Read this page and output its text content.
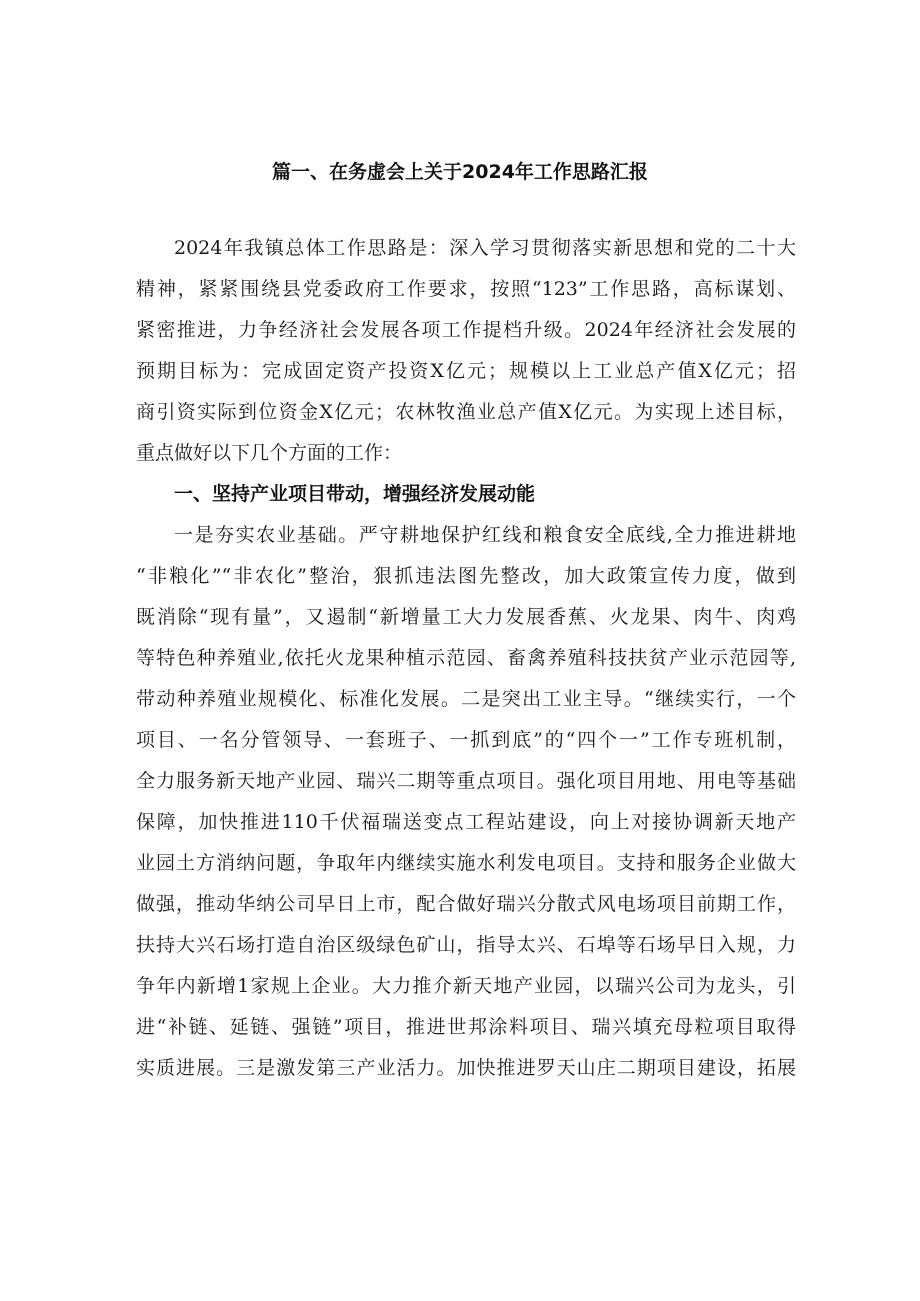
篇一、在务虚会上关于2024年工作思路汇报
2024年我镇总体工作思路是：深入学习贯彻落实新思想和党的二十大
精神，紧紧围绕县党委政府工作要求，按照“123”工作思路，高标谋划、
紧密推进，力争经济社会发展各项工作提档升级。2024年经济社会发展的
预期目标为：完成固定资产投资X亿元；规模以上工业总产值X亿元；招
商引资实际到位资金X亿元；农林牧渔业总产值X亿元。为实现上述目标，
重点做好以下几个方面的工作：
一、坚持产业项目带动，增强经济发展动能
一是夯实农业基础。严守耕地保护红线和粮食安全底线,全力推进耕地
“非粮化”“非农化”整治，狠抓违法图先整改，加大政策宣传力度，做到
既消除“现有量”，又遏制“新增量工大力发展香蕉、火龙果、肉牛、肉鸡
等特色种养殖业,依托火龙果种植示范园、畜禽养殖科技扶贫产业示范园等,
带动种养殖业规模化、标准化发展。二是突出工业主导。“继续实行，一个
项目、一名分管领导、一套班子、一抓到底”的“四个一”工作专班机制，
全力服务新天地产业园、瑞兴二期等重点项目。强化项目用地、用电等基础
保障，加快推进110千伏福瑞送变点工程站建设，向上对接协调新天地产
业园土方消纳问题，争取年内继续实施水利发电项目。支持和服务企业做大
做强，推动华纳公司早日上市，配合做好瑞兴分散式风电场项目前期工作，
扶持大兴石场打造自治区级绿色矿山，指导太兴、石埠等石场早日入规，力
争年内新增1家规上企业。大力推介新天地产业园，以瑞兴公司为龙头，引
进“补链、延链、强链”项目，推进世邦涂料项目、瑞兴填充母粒项目取得
实质进展。三是激发第三产业活力。加快推进罗天山庄二期项目建设，拓展
